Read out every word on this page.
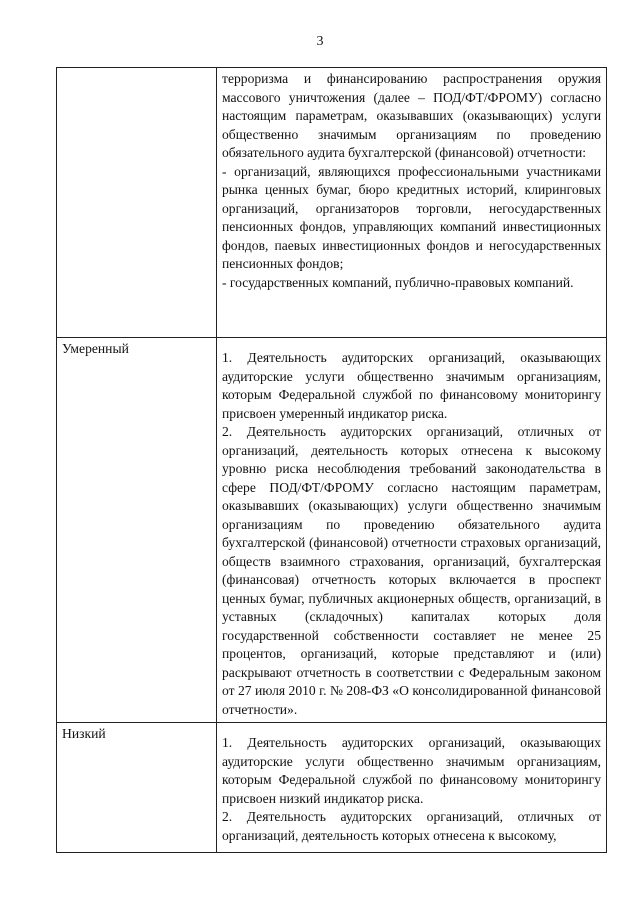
3

	терроризма и финансированию распространения оружия массового уничтожения (далее – ПОД/ФТ/ФРОМУ) согласно настоящим параметрам, оказывавших (оказывающих) услуги общественно значимым организациям по проведению обязательного аудита бухгалтерской (финансовой) отчетности:

- организаций, являющихся профессиональными участниками рынка ценных бумаг, бюро кредитных историй, клиринговых организаций, организаторов торговли, негосударственных пенсионных фондов, управляющих компаний инвестиционных фондов, паевых инвестиционных фондов и негосударственных пенсионных фондов;

- государственных компаний, публично-правовых компаний.

Умеренный	1. Деятельность аудиторских организаций, оказывающих аудиторские услуги общественно значимым организациям, которым Федеральной службой по финансовому мониторингу присвоен умеренный индикатор риска.

2. Деятельность аудиторских организаций, отличных от организаций, деятельность которых отнесена к высокому уровню риска несоблюдения требований законодательства в сфере ПОД/ФТ/ФРОМУ согласно настоящим параметрам, оказывавших (оказывающих) услуги общественно значимым организациям по проведению обязательного аудита бухгалтерской (финансовой) отчетности страховых организаций, обществ взаимного страхования, организаций, бухгалтерская (финансовая) отчетность которых включается в проспект ценных бумаг, публичных акционерных обществ, организаций, в уставных (складочных) капиталах которых доля государственной собственности составляет не менее 25 процентов, организаций, которые представляют и (или) раскрывают отчетность в соответствии с Федеральным законом от 27 июля 2010 г. № 208-ФЗ «О консолидированной финансовой отчетности».

Низкий	1. Деятельность аудиторских организаций, оказывающих аудиторские услуги общественно значимым организациям, которым Федеральной службой по финансовому мониторингу присвоен низкий индикатор риска.

2. Деятельность аудиторских организаций, отличных от организаций, деятельность которых отнесена к высокому,
